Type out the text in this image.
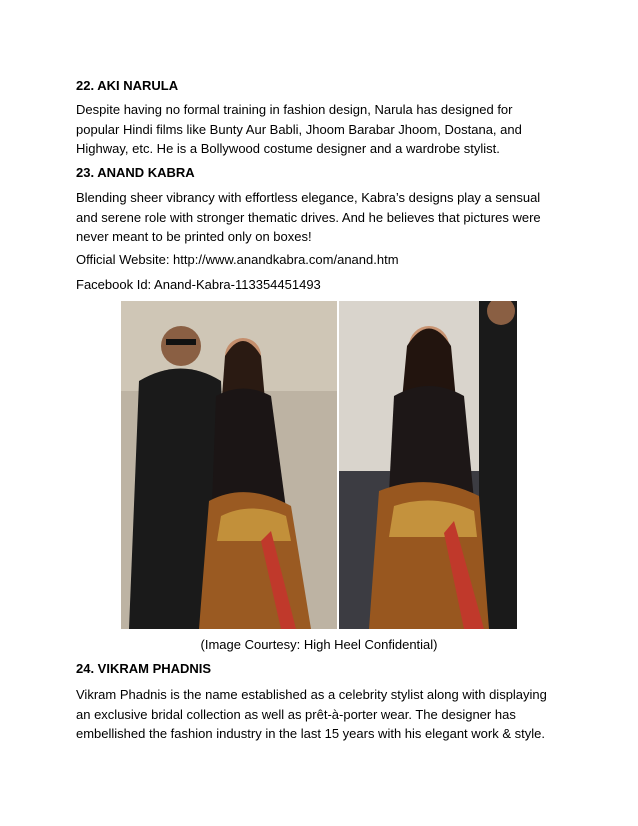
22. AKI NARULA
Despite having no formal training in fashion design, Narula has designed for
popular Hindi films like Bunty Aur Babli, Jhoom Barabar Jhoom, Dostana, and
Highway, etc. He is a Bollywood costume designer and a wardrobe stylist.
23. ANAND KABRA
Blending sheer vibrancy with effortless elegance, Kabra’s designs play a sensual
and serene role with stronger thematic drives. And he believes that pictures were
never meant to be printed only on boxes!
Official Website: http://www.anandkabra.com/anand.htm
Facebook Id: Anand-Kabra-113354451493
(Image Courtesy: High Heel Confidential)
24. VIKRAM PHADNIS
Vikram Phadnis is the name established as a celebrity stylist along with displaying
an exclusive bridal collection as well as prêt-à-porter wear. The designer has
embellished the fashion industry in the last 15 years with his elegant work & style.
